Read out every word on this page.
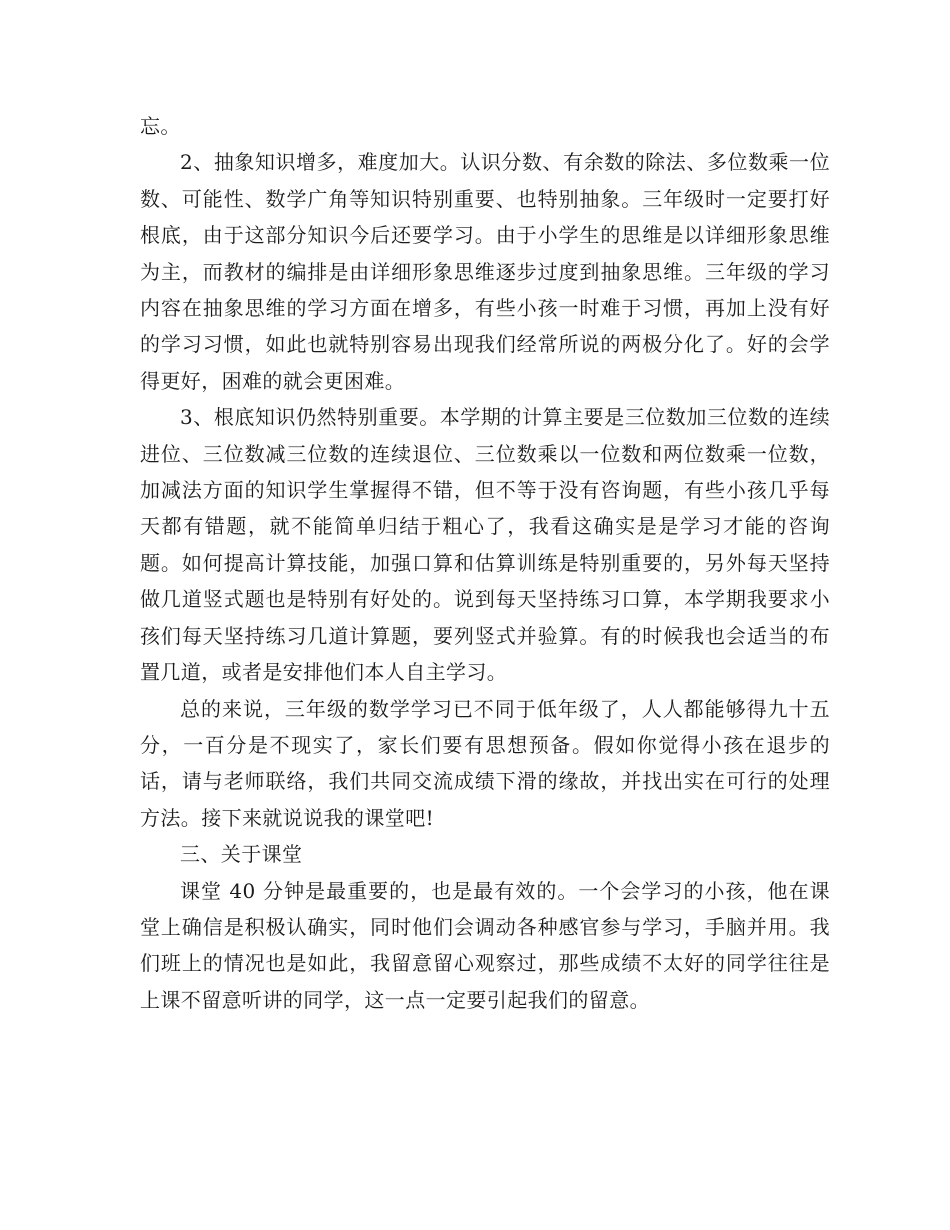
忘。

2、抽象知识增多，难度加大。认识分数、有余数的除法、多位数乘一位数、可能性、数学广角等知识特别重要、也特别抽象。三年级时一定要打好根底，由于这部分知识今后还要学习。由于小学生的思维是以详细形象思维为主，而教材的编排是由详细形象思维逐步过度到抽象思维。三年级的学习内容在抽象思维的学习方面在增多，有些小孩一时难于习惯，再加上没有好的学习习惯，如此也就特别容易出现我们经常所说的两极分化了。好的会学得更好，困难的就会更困难。

3、根底知识仍然特别重要。本学期的计算主要是三位数加三位数的连续进位、三位数减三位数的连续退位、三位数乘以一位数和两位数乘一位数，加减法方面的知识学生掌握得不错，但不等于没有咨询题，有些小孩几乎每天都有错题，就不能简单归结于粗心了，我看这确实是是学习才能的咨询题。如何提高计算技能，加强口算和估算训练是特别重要的，另外每天坚持做几道竖式题也是特别有好处的。说到每天坚持练习口算，本学期我要求小孩们每天坚持练习几道计算题，要列竖式并验算。有的时候我也会适当的布置几道，或者是安排他们本人自主学习。

总的来说，三年级的数学学习已不同于低年级了，人人都能够得九十五分，一百分是不现实了，家长们要有思想预备。假如你觉得小孩在退步的话，请与老师联络，我们共同交流成绩下滑的缘故，并找出实在可行的处理方法。接下来就说说我的课堂吧!

三、关于课堂

课堂 40 分钟是最重要的，也是最有效的。一个会学习的小孩，他在课堂上确信是积极认确实，同时他们会调动各种感官参与学习，手脑并用。我们班上的情况也是如此，我留意留心观察过，那些成绩不太好的同学往往是上课不留意听讲的同学，这一点一定要引起我们的留意。
